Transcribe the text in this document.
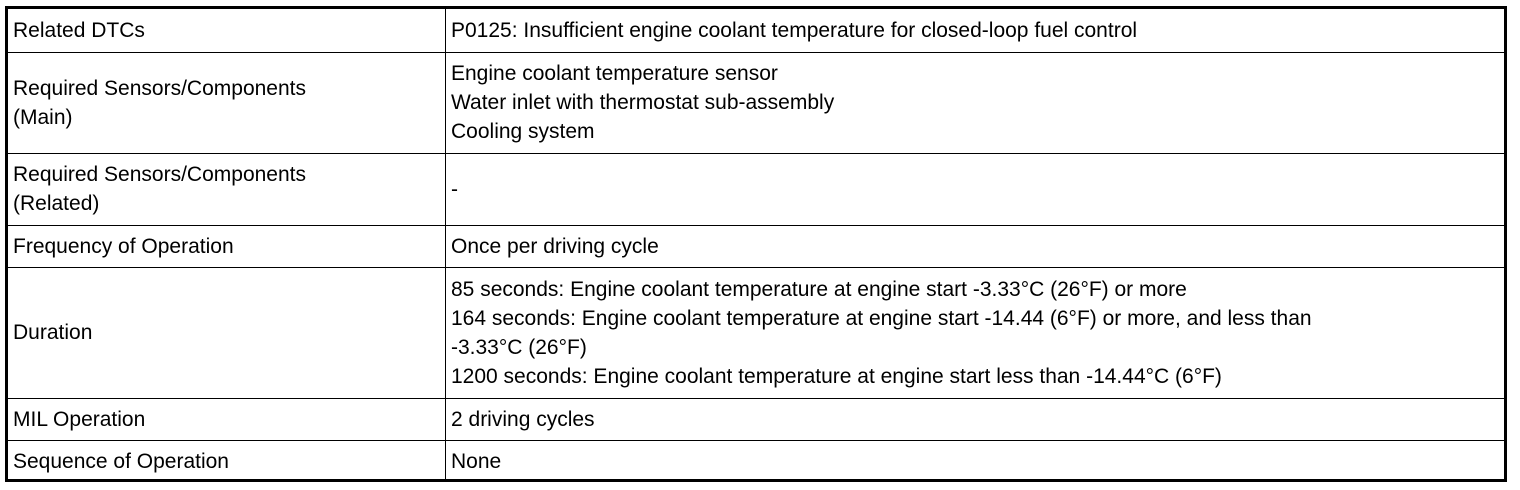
Related DTCs	P0125: Insufficient engine coolant temperature for closed-loop fuel control

Required Sensors/Components
(Main)	Engine coolant temperature sensor
Water inlet with thermostat sub-assembly
Cooling system

Required Sensors/Components
(Related)	-

Frequency of Operation	Once per driving cycle

Duration	85 seconds: Engine coolant temperature at engine start -3.33°C (26°F) or more
164 seconds: Engine coolant temperature at engine start -14.44 (6°F) or more, and less than
-3.33°C (26°F)
1200 seconds: Engine coolant temperature at engine start less than -14.44°C (6°F)

MIL Operation	2 driving cycles

Sequence of Operation	None
